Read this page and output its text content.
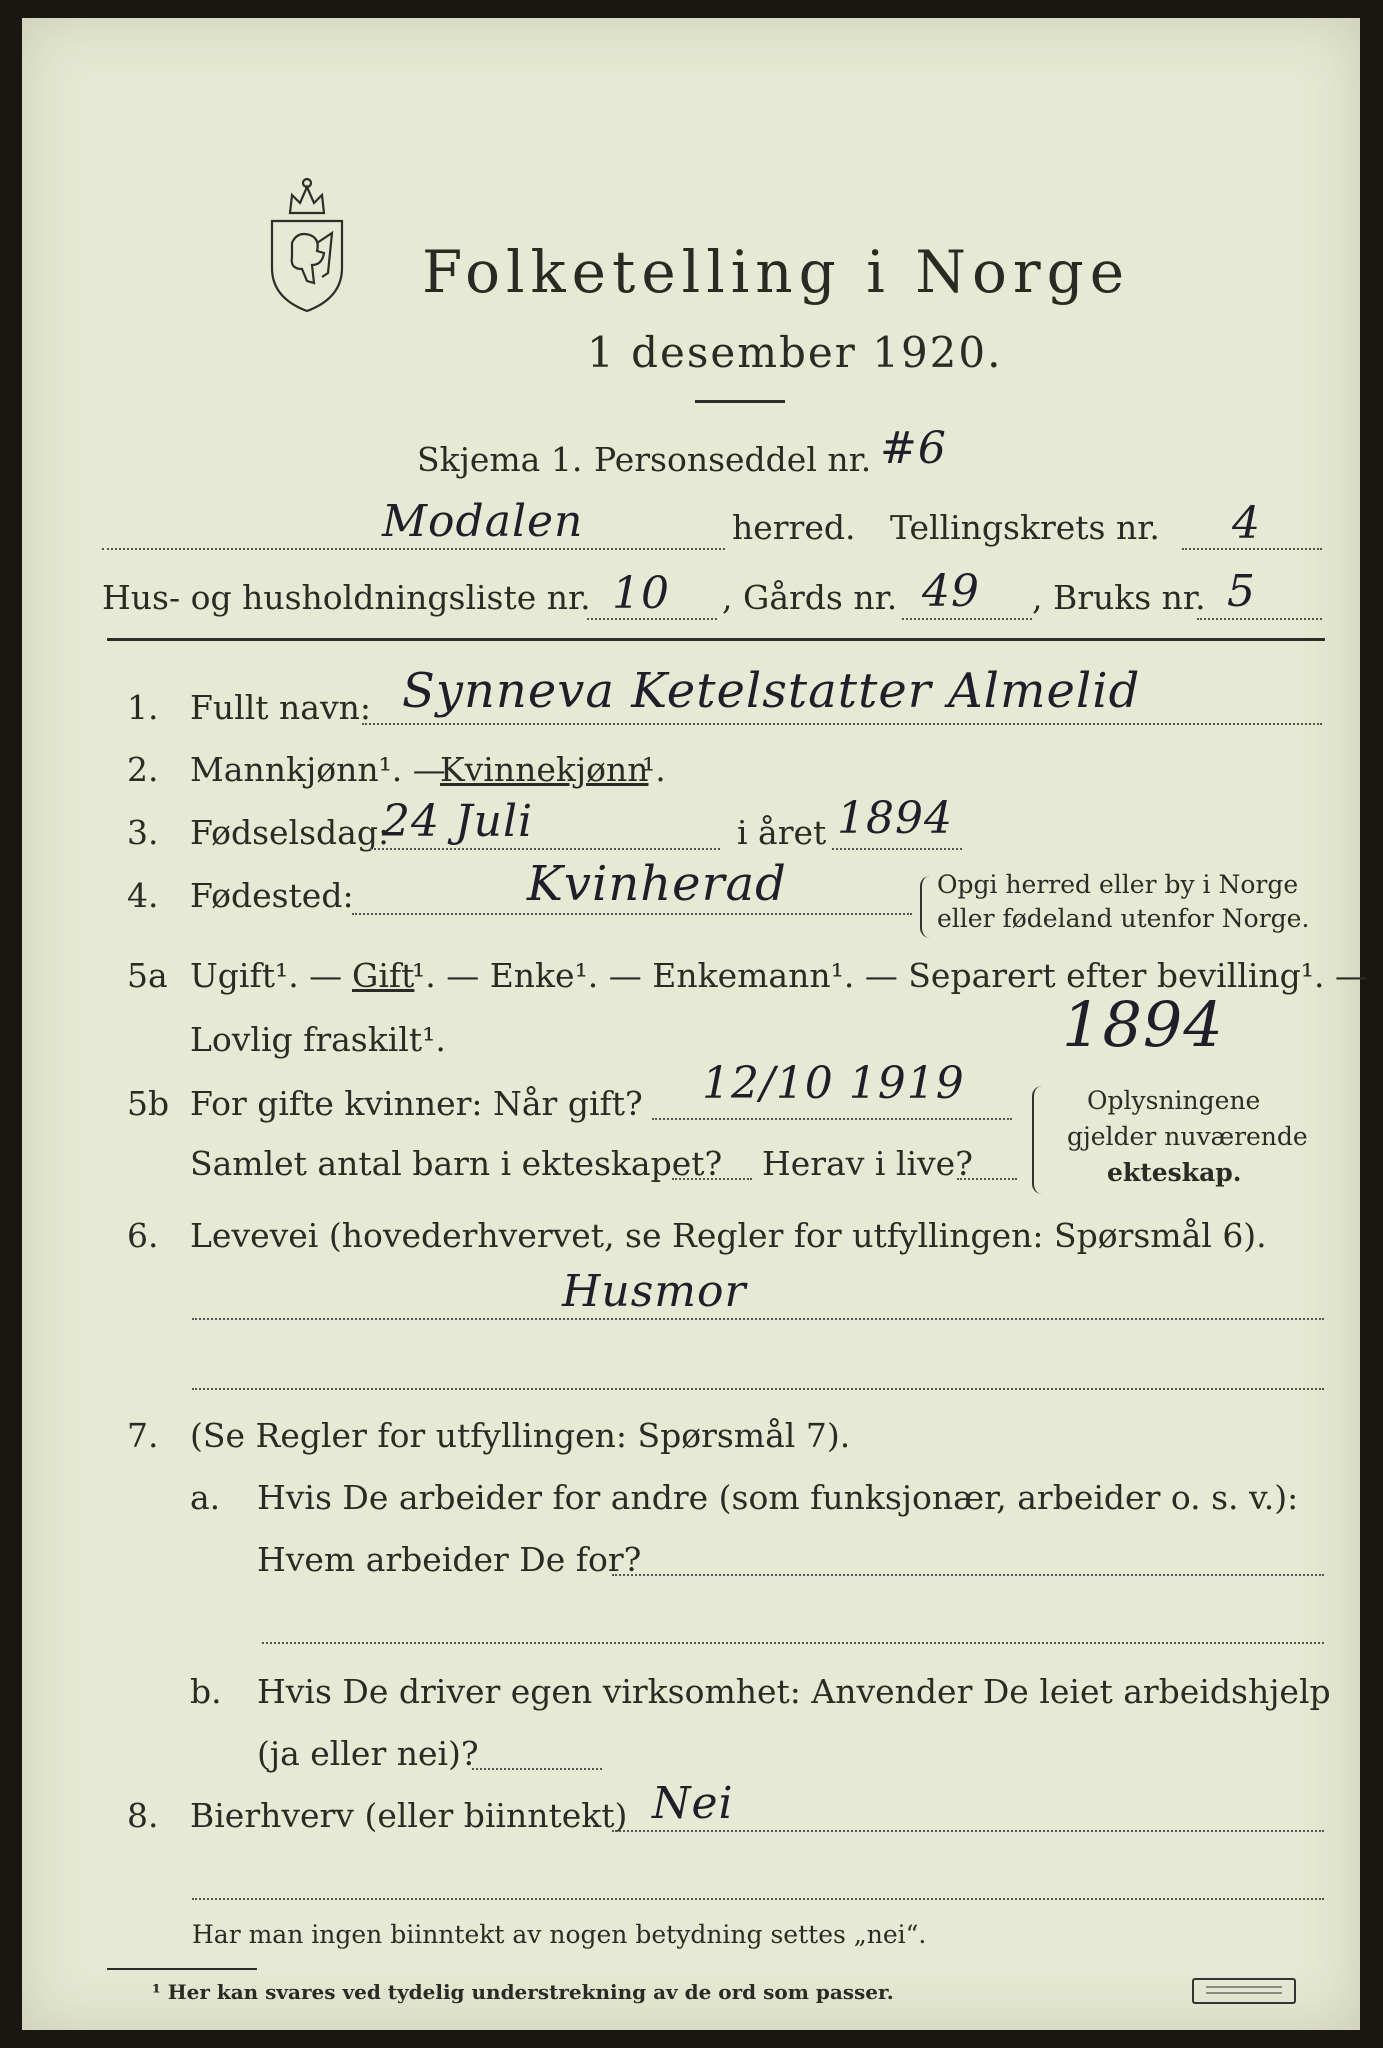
Folketelling i Norge
1 desember 1920.
Skjema 1. Personseddel nr. #6
Modalen	herred. Tellingskrets nr. 4
Hus- og husholdningsliste nr. 10 , Gårds nr. 49 , Bruks nr. 5
1. Fullt navn: Synneva Ketelstatter Almelid
2. Mannkjønn¹. —
Kvinnekjønn
¹.
3. Fødselsdag:
24 Juli	i året 1894
4. Fødested:	Kvinherad	Opgi herred eller by i Norge
eller fødeland utenfor Norge.
5a Ugift¹. — Gift
¹. — Enke¹. — Enkemann¹. — Separert efter bevilling¹. —
Lovlig fraskilt¹.	1894
5b For gifte kvinner: Når gift? 12/10 1919
Samlet antal barn i ekteskapet? Herav i live?
Oplysningene
gjelder nuværende
ekteskap.
6. Levevei (hovederhvervet, se Regler for utfyllingen: Spørsmål 6).
Husmor
7. (Se Regler for utfyllingen: Spørsmål 7).
a. Hvis De arbeider for andre (som funksjonær, arbeider o. s. v.):
Hvem arbeider De for?
b. Hvis De driver egen virksomhet: Anvender De leiet arbeidshjelp
(ja eller nei)?
8. Bierhverv (eller biinntekt) Nei
Har man ingen biinntekt av nogen betydning settes „nei“.
¹ Her kan svares ved tydelig understrekning av de ord som passer.
